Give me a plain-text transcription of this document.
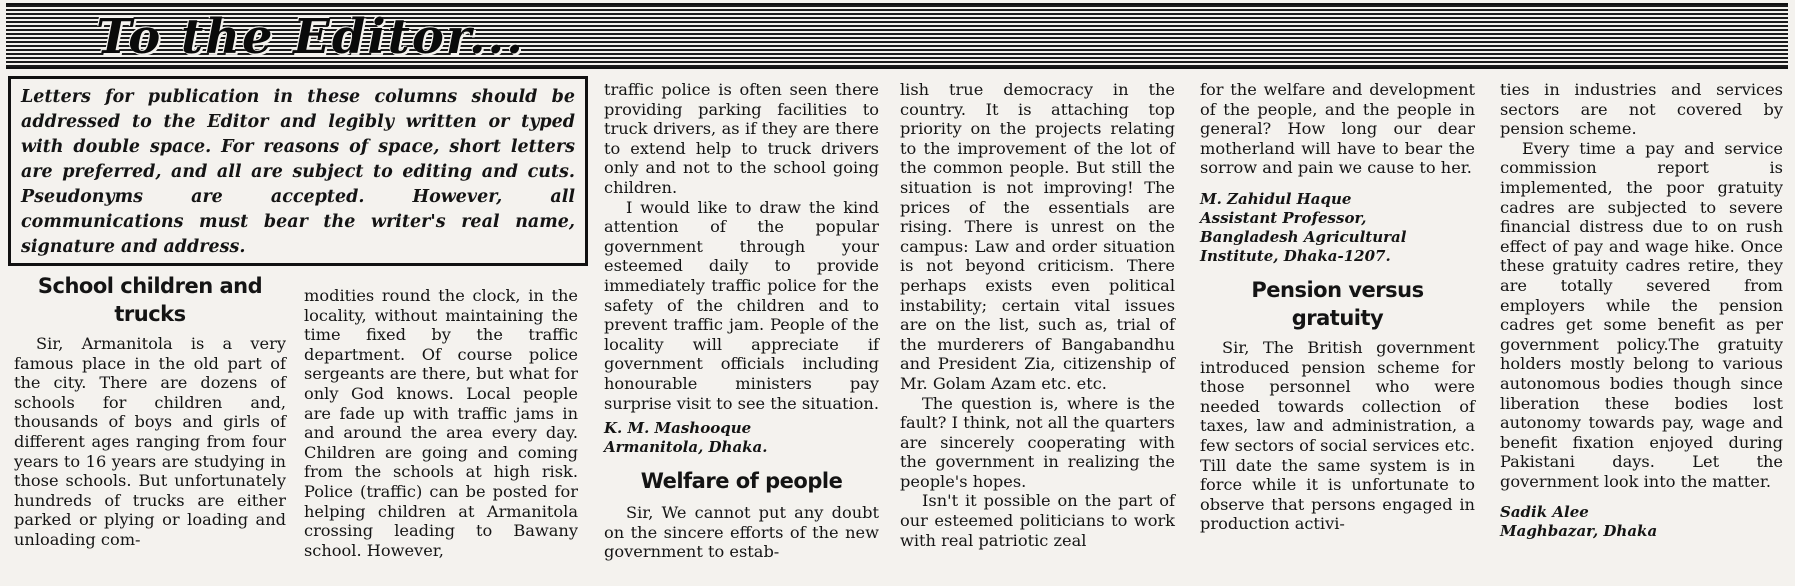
To the Editor...
Letters for publication in these columns should be addressed to the Editor and legibly written or typed with double space. For reasons of space, short letters are preferred, and all are subject to editing and cuts. Pseudonyms are accepted. However, all communications must bear the writer's real name, signature and address.
School children and trucks

Sir, Armanitola is a very famous place in the old part of the city. There are dozens of schools for children and, thousands of boys and girls of different ages ranging from four years to 16 years are studying in those schools. But unfortunately hundreds of trucks are either parked or plying or loading and unloading com-

modities round the clock, in the locality, without maintaining the time fixed by the traffic department. Of course police sergeants are there, but what for only God knows. Local people are fade up with traffic jams in and around the area every day. Children are going and coming from the schools at high risk. Police (traffic) can be posted for helping children at Armanitola crossing leading to Bawany school. However,

traffic police is often seen there providing parking facilities to truck drivers, as if they are there to extend help to truck drivers only and not to the school going children.

I would like to draw the kind attention of the popular government through your esteemed daily to provide immediately traffic police for the safety of the children and to prevent traffic jam. People of the locality will appreciate if government officials including honourable ministers pay surprise visit to see the situation.

K. M. Mashooque
Armanitola, Dhaka.
Welfare of people

Sir, We cannot put any doubt on the sincere efforts of the new government to estab-

lish true democracy in the country. It is attaching top priority on the projects relating to the improvement of the lot of the common people. But still the situation is not improving! The prices of the essentials are rising. There is unrest on the campus: Law and order situation is not beyond criticism. There perhaps exists even political instability; certain vital issues are on the list, such as, trial of the murderers of Bangabandhu and President Zia, citizenship of Mr. Golam Azam etc. etc.

The question is, where is the fault? I think, not all the quarters are sincerely cooperating with the government in realizing the people's hopes.

Isn't it possible on the part of our esteemed politicians to work with real patriotic zeal

for the welfare and development of the people, and the people in general? How long our dear motherland will have to bear the sorrow and pain we cause to her.

M. Zahidul Haque
Assistant Professor,
Bangladesh Agricultural
Institute, Dhaka-1207.
Pension versus gratuity

Sir, The British government introduced pension scheme for those personnel who were needed towards collection of taxes, law and administration, a few sectors of social services etc. Till date the same system is in force while it is unfortunate to observe that persons engaged in production activi-

ties in industries and services sectors are not covered by pension scheme.

Every time a pay and service commission report is implemented, the poor gratuity cadres are subjected to severe financial distress due to on rush effect of pay and wage hike. Once these gratuity cadres retire, they are totally severed from employers while the pension cadres get some benefit as per government policy.The gratuity holders mostly belong to various autonomous bodies though since liberation these bodies lost autonomy towards pay, wage and benefit fixation enjoyed during Pakistani days. Let the government look into the matter.

Sadik Alee
Maghbazar, Dhaka
